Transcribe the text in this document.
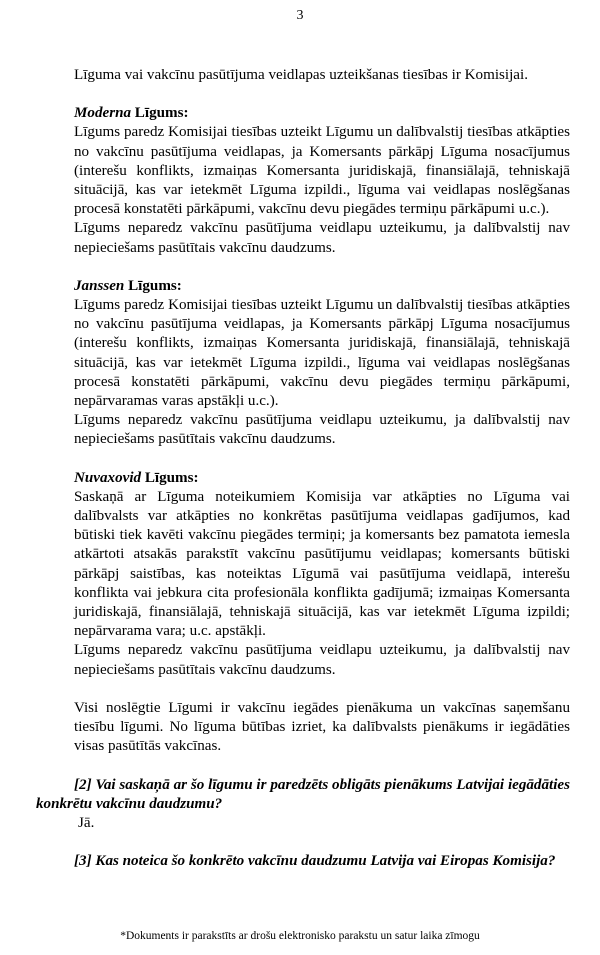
3

Līguma vai vakcīnu pasūtījuma veidlapas uzteikšanas tiesības ir Komisijai.

Moderna Līgums:

Līgums paredz Komisijai tiesības uzteikt Līgumu un dalībvalstij tiesības atkāpties no vakcīnu pasūtījuma veidlapas, ja Komersants pārkāpj Līguma nosacījumus (interešu konflikts, izmaiņas Komersanta juridiskajā, finansiālajā, tehniskajā situācijā, kas var ietekmēt Līguma izpildi., līguma vai veidlapas noslēgšanas procesā konstatēti pārkāpumi, vakcīnu devu piegādes termiņu pārkāpumi u.c.).

Līgums neparedz vakcīnu pasūtījuma veidlapu uzteikumu, ja dalībvalstij nav nepieciešams pasūtītais vakcīnu daudzums.

Janssen Līgums:

Līgums paredz Komisijai tiesības uzteikt Līgumu un dalībvalstij tiesības atkāpties no vakcīnu pasūtījuma veidlapas, ja Komersants pārkāpj Līguma nosacījumus (interešu konflikts, izmaiņas Komersanta juridiskajā, finansiālajā, tehniskajā situācijā, kas var ietekmēt Līguma izpildi., līguma vai veidlapas noslēgšanas procesā konstatēti pārkāpumi, vakcīnu devu piegādes termiņu pārkāpumi, nepārvaramas varas apstākļi u.c.).

Līgums neparedz vakcīnu pasūtījuma veidlapu uzteikumu, ja dalībvalstij nav nepieciešams pasūtītais vakcīnu daudzums.

Nuvaxovid Līgums:

Saskaņā ar Līguma noteikumiem Komisija var atkāpties no Līguma vai dalībvalsts var atkāpties no konkrētas pasūtījuma veidlapas gadījumos, kad būtiski tiek kavēti vakcīnu piegādes termiņi; ja komersants bez pamatota iemesla atkārtoti atsakās parakstīt vakcīnu pasūtījumu veidlapas; komersants būtiski pārkāpj saistības, kas noteiktas Līgumā vai pasūtījuma veidlapā, interešu konflikta vai jebkura cita profesionāla konflikta gadījumā; izmaiņas Komersanta juridiskajā, finansiālajā, tehniskajā situācijā, kas var ietekmēt Līguma izpildi; nepārvarama vara; u.c. apstākļi.

Līgums neparedz vakcīnu pasūtījuma veidlapu uzteikumu, ja dalībvalstij nav nepieciešams pasūtītais vakcīnu daudzums.

Visi noslēgtie Līgumi ir vakcīnu iegādes pienākuma un vakcīnas saņemšanu tiesību līgumi. No līguma būtības izriet, ka dalībvalsts pienākums ir iegādāties visas pasūtītās vakcīnas.

[2] Vai saskaņā ar šo līgumu ir paredzēts obligāts pienākums Latvijai iegādāties konkrētu vakcīnu daudzumu?

Jā.

[3] Kas noteica šo konkrēto vakcīnu daudzumu Latvija vai Eiropas Komisija?

*Dokuments ir parakstīts ar drošu elektronisko parakstu un satur laika zīmogu
